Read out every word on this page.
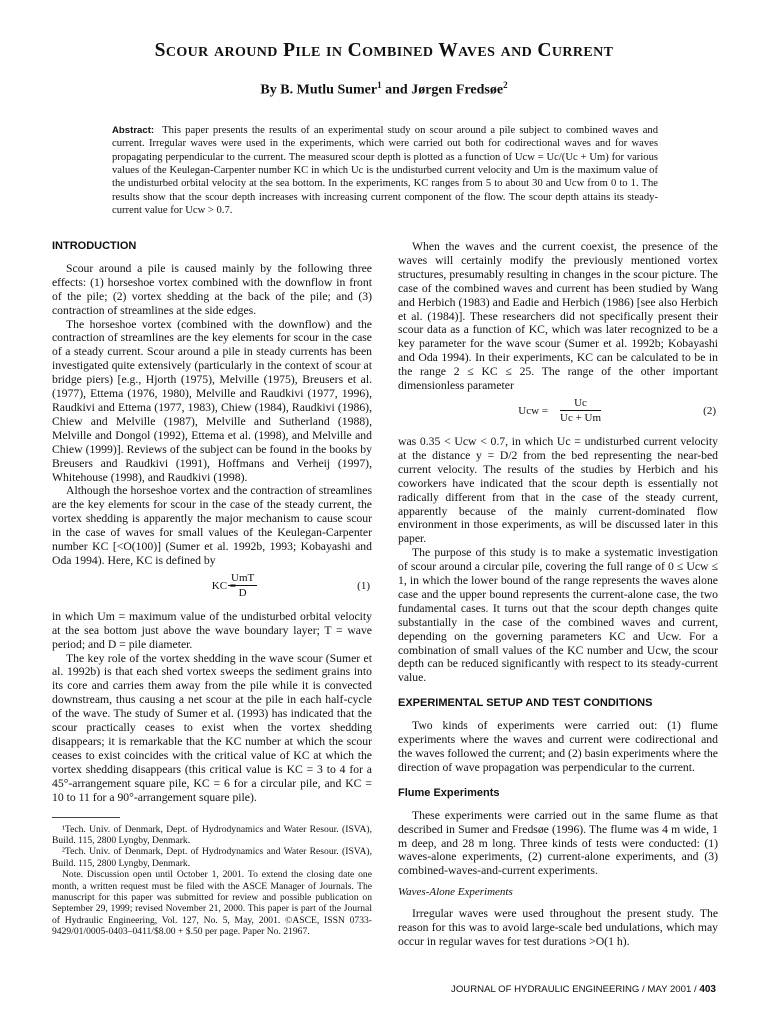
Scour around Pile in Combined Waves and Current
By B. Mutlu Sumer$^1$ and Jørgen Fredsøe$^2$
Abstract: This paper presents the results of an experimental study on scour around a pile subject to combined waves and current. Irregular waves were used in the experiments, which were carried out both for codirectional waves and for waves propagating perpendicular to the current. The measured scour depth is plotted as a function of Ucw = Uc/(Uc + Um) for various values of the Keulegan-Carpenter number KC in which Uc is the undisturbed current velocity and Um is the maximum value of the undisturbed orbital velocity at the sea bottom. In the experiments, KC ranges from 5 to about 30 and Ucw from 0 to 1. The results show that the scour depth increases with increasing current component of the flow. The scour depth attains its steady-current value for Ucw > 0.7.
INTRODUCTION

Scour around a pile is caused mainly by the following three effects: (1) horseshoe vortex combined with the downflow in front of the pile; (2) vortex shedding at the back of the pile; and (3) contraction of streamlines at the side edges.

The horseshoe vortex (combined with the downflow) and the contraction of streamlines are the key elements for scour in the case of a steady current. Scour around a pile in steady currents has been investigated quite extensively (particularly in the context of scour at bridge piers) [e.g., Hjorth (1975), Melville (1975), Breusers et al. (1977), Ettema (1976, 1980), Melville and Raudkivi (1977, 1996), Raudkivi and Ettema (1977, 1983), Chiew (1984), Raudkivi (1986), Chiew and Melville (1987), Melville and Sutherland (1988), Melville and Dongol (1992), Ettema et al. (1998), and Melville and Chiew (1999)]. Reviews of the subject can be found in the books by Breusers and Raudkivi (1991), Hoffmans and Verheij (1997), Whitehouse (1998), and Raudkivi (1998).

Although the horseshoe vortex and the contraction of streamlines are the key elements for scour in the case of the steady current, the vortex shedding is apparently the major mechanism to cause scour in the case of waves for small values of the Keulegan-Carpenter number KC [<O(100)] (Sumer et al. 1992b, 1993; Kobayashi and Oda 1994). Here, KC is defined by

KC =
UmT
D
(1)

in which Um = maximum value of the undisturbed orbital velocity at the sea bottom just above the wave boundary layer; T = wave period; and D = pile diameter.

The key role of the vortex shedding in the wave scour (Sumer et al. 1992b) is that each shed vortex sweeps the sediment grains into its core and carries them away from the pile while it is convected downstream, thus causing a net scour at the pile in each half-cycle of the wave. The study of Sumer et al. (1993) has indicated that the scour practically ceases to exist when the vortex shedding disappears; it is remarkable that the KC number at which the scour ceases to exist coincides with the critical value of KC at which the vortex shedding disappears (this critical value is KC = 3 to 4 for a 45°-arrangement square pile, KC = 6 for a circular pile, and KC = 10 to 11 for a 90°-arrangement square pile).

¹Tech. Univ. of Denmark, Dept. of Hydrodynamics and Water Resour. (ISVA), Build. 115, 2800 Lyngby, Denmark.

²Tech. Univ. of Denmark, Dept. of Hydrodynamics and Water Resour. (ISVA), Build. 115, 2800 Lyngby, Denmark.

Note. Discussion open until October 1, 2001. To extend the closing date one month, a written request must be filed with the ASCE Manager of Journals. The manuscript for this paper was submitted for review and possible publication on September 29, 1999; revised November 21, 2000. This paper is part of the Journal of Hydraulic Engineering, Vol. 127, No. 5, May, 2001. ©ASCE, ISSN 0733-9429/01/0005-0403–0411/$8.00 + $.50 per page. Paper No. 21967.

When the waves and the current coexist, the presence of the waves will certainly modify the previously mentioned vortex structures, presumably resulting in changes in the scour picture. The case of the combined waves and current has been studied by Wang and Herbich (1983) and Eadie and Herbich (1986) [see also Herbich et al. (1984)]. These researchers did not specifically present their scour data as a function of KC, which was later recognized to be a key parameter for the wave scour (Sumer et al. 1992b; Kobayashi and Oda 1994). In their experiments, KC can be calculated to be in the range 2 ≤ KC ≤ 25. The range of the other important dimensionless parameter

Ucw = $\frac{Uc}{Uc + Um}$	(2)

was 0.35 < Ucw < 0.7, in which Uc = undisturbed current velocity at the distance y = D/2 from the bed representing the near-bed current velocity. The results of the studies by Herbich and his coworkers have indicated that the scour depth is essentially not radically different from that in the case of the steady current, apparently because of the mainly current-dominated flow environment in those experiments, as will be discussed later in this paper.

The purpose of this study is to make a systematic investigation of scour around a circular pile, covering the full range of 0 ≤ Ucw ≤ 1, in which the lower bound of the range represents the waves alone case and the upper bound represents the current-alone case, the two fundamental cases. It turns out that the scour depth changes quite substantially in the case of the combined waves and current, depending on the governing parameters KC and Ucw. For a combination of small values of the KC number and Ucw, the scour depth can be reduced significantly with respect to its steady-current value.

EXPERIMENTAL SETUP AND TEST CONDITIONS

Two kinds of experiments were carried out: (1) flume experiments where the waves and current were codirectional and the waves followed the current; and (2) basin experiments where the direction of wave propagation was perpendicular to the current.

Flume Experiments

These experiments were carried out in the same flume as that described in Sumer and Fredsøe (1996). The flume was 4 m wide, 1 m deep, and 28 m long. Three kinds of tests were conducted: (1) waves-alone experiments, (2) current-alone experiments, and (3) combined-waves-and-current experiments.

Waves-Alone Experiments

Irregular waves were used throughout the present study. The reason for this was to avoid large-scale bed undulations, which may occur in regular waves for test durations >O(1 h).

JOURNAL OF HYDRAULIC ENGINEERING / MAY 2001 / 403
